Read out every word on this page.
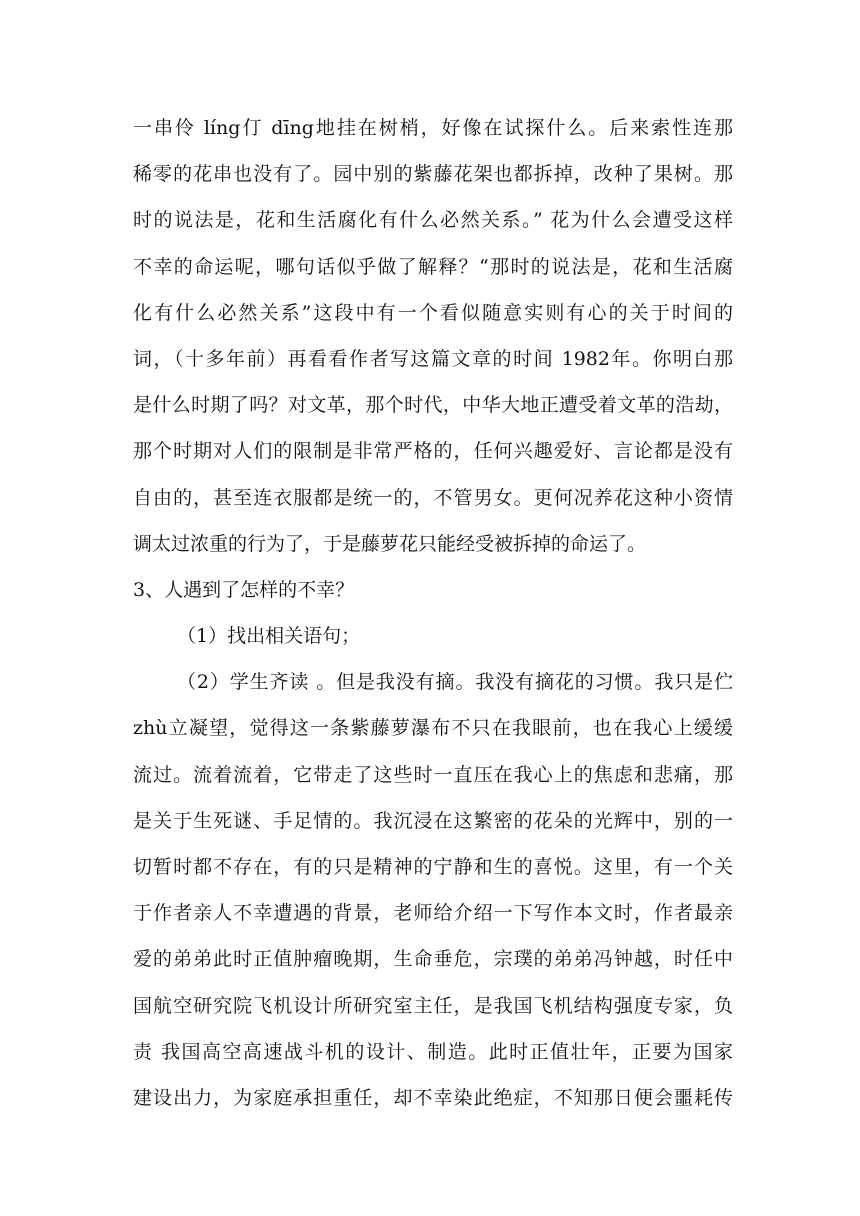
一串伶 líng仃 dīng地挂在树梢，好像在试探什么。后来索性连那
稀零的花串也没有了。园中别的紫藤花架也都拆掉，改种了果树。那
时的说法是，花和生活腐化有什么必然关系。” 花为什么会遭受这样
不幸的命运呢，哪句话似乎做了解释？“那时的说法是，花和生活腐
化有什么必然关系”这段中有一个看似随意实则有心的关于时间的
词，（十多年前）再看看作者写这篇文章的时间 1982年。你明白那
是什么时期了吗？对文革，那个时代，中华大地正遭受着文革的浩劫，
那个时期对人们的限制是非常严格的，任何兴趣爱好、言论都是没有
自由的，甚至连衣服都是统一的，不管男女。更何况养花这种小资情
调太过浓重的行为了，于是藤萝花只能经受被拆掉的命运了。
3、人遇到了怎样的不幸？
（1）找出相关语句；
（2）学生齐读 。但是我没有摘。我没有摘花的习惯。我只是伫
zhù立凝望，觉得这一条紫藤萝瀑布不只在我眼前，也在我心上缓缓
流过。流着流着，它带走了这些时一直压在我心上的焦虑和悲痛，那
是关于生死谜、手足情的。我沉浸在这繁密的花朵的光辉中，别的一
切暂时都不存在，有的只是精神的宁静和生的喜悦。这里，有一个关
于作者亲人不幸遭遇的背景，老师给介绍一下写作本文时，作者最亲
爱的弟弟此时正值肿瘤晚期，生命垂危，宗璞的弟弟冯钟越，时任中
国航空研究院飞机设计所研究室主任，是我国飞机结构强度专家，负
责 我国高空高速战斗机的设计、制造。此时正值壮年，正要为国家
建设出力，为家庭承担重任，却不幸染此绝症，不知那日便会噩耗传
